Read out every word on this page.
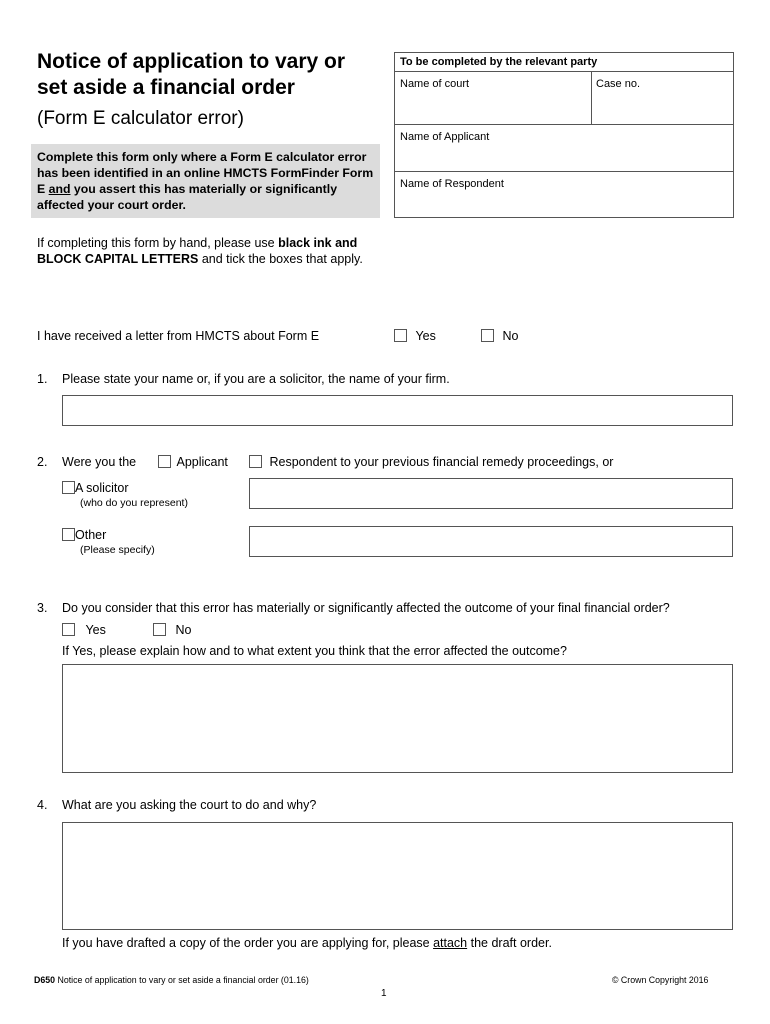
Notice of application to vary or set aside a financial order
(Form E calculator error)
Complete this form only where a Form E calculator error has been identified in an online HMCTS FormFinder Form E and you assert this has materially or significantly affected your court order.
If completing this form by hand, please use black ink and BLOCK CAPITAL LETTERS and tick the boxes that apply.
To be completed by the relevant party
Name of court	Case no.
Name of Applicant
Name of Respondent
I have received a letter from HMCTS about Form E	Yes	No
1. Please state your name or, if you are a solicitor, the name of your firm.
2. Were you the	Applicant	Respondent to your previous financial remedy proceedings, or
A solicitor
(who do you represent)
Other
(Please specify)
3. Do you consider that this error has materially or significantly affected the outcome of your final financial order?
Yes	No
If Yes, please explain how and to what extent you think that the error affected the outcome?
4. What are you asking the court to do and why?
If you have drafted a copy of the order you are applying for, please attach the draft order.
D650 Notice of application to vary or set aside a financial order (01.16)	© Crown Copyright 2016
1
